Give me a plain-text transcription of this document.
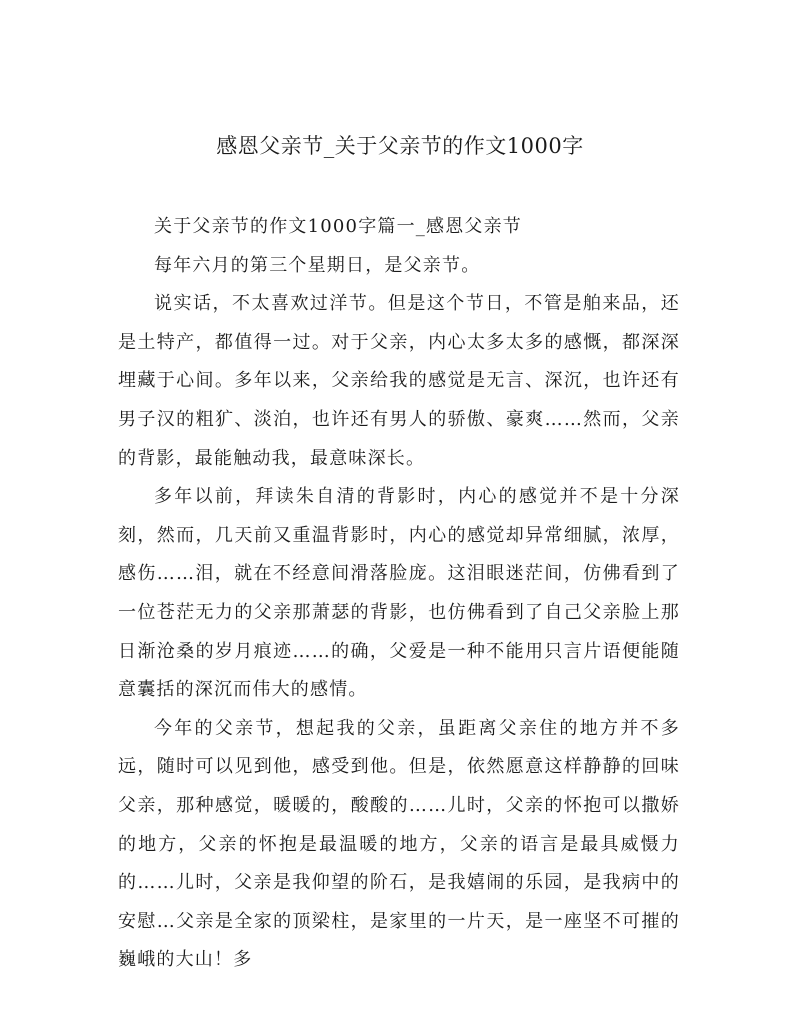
感恩父亲节_关于父亲节的作文1000字

关于父亲节的作文1000字篇一_感恩父亲节

每年六月的第三个星期日，是父亲节。

说实话，不太喜欢过洋节。但是这个节日，不管是舶来品，还是土特产，都值得一过。对于父亲，内心太多太多的感慨，都深深埋藏于心间。多年以来，父亲给我的感觉是无言、深沉，也许还有男子汉的粗犷、淡泊，也许还有男人的骄傲、豪爽……然而，父亲的背影，最能触动我，最意味深长。

多年以前，拜读朱自清的背影时，内心的感觉并不是十分深刻，然而，几天前又重温背影时，内心的感觉却异常细腻，浓厚，感伤……泪，就在不经意间滑落脸庞。这泪眼迷茫间，仿佛看到了一位苍茫无力的父亲那萧瑟的背影，也仿佛看到了自己父亲脸上那日渐沧桑的岁月痕迹……的确，父爱是一种不能用只言片语便能随意囊括的深沉而伟大的感情。

今年的父亲节，想起我的父亲，虽距离父亲住的地方并不多远，随时可以见到他，感受到他。但是，依然愿意这样静静的回味父亲，那种感觉，暖暖的，酸酸的……儿时，父亲的怀抱可以撒娇的地方，父亲的怀抱是最温暖的地方，父亲的语言是最具威慑力的……儿时，父亲是我仰望的阶石，是我嬉闹的乐园，是我病中的安慰…父亲是全家的顶梁柱，是家里的一片天，是一座坚不可摧的巍峨的大山！多
